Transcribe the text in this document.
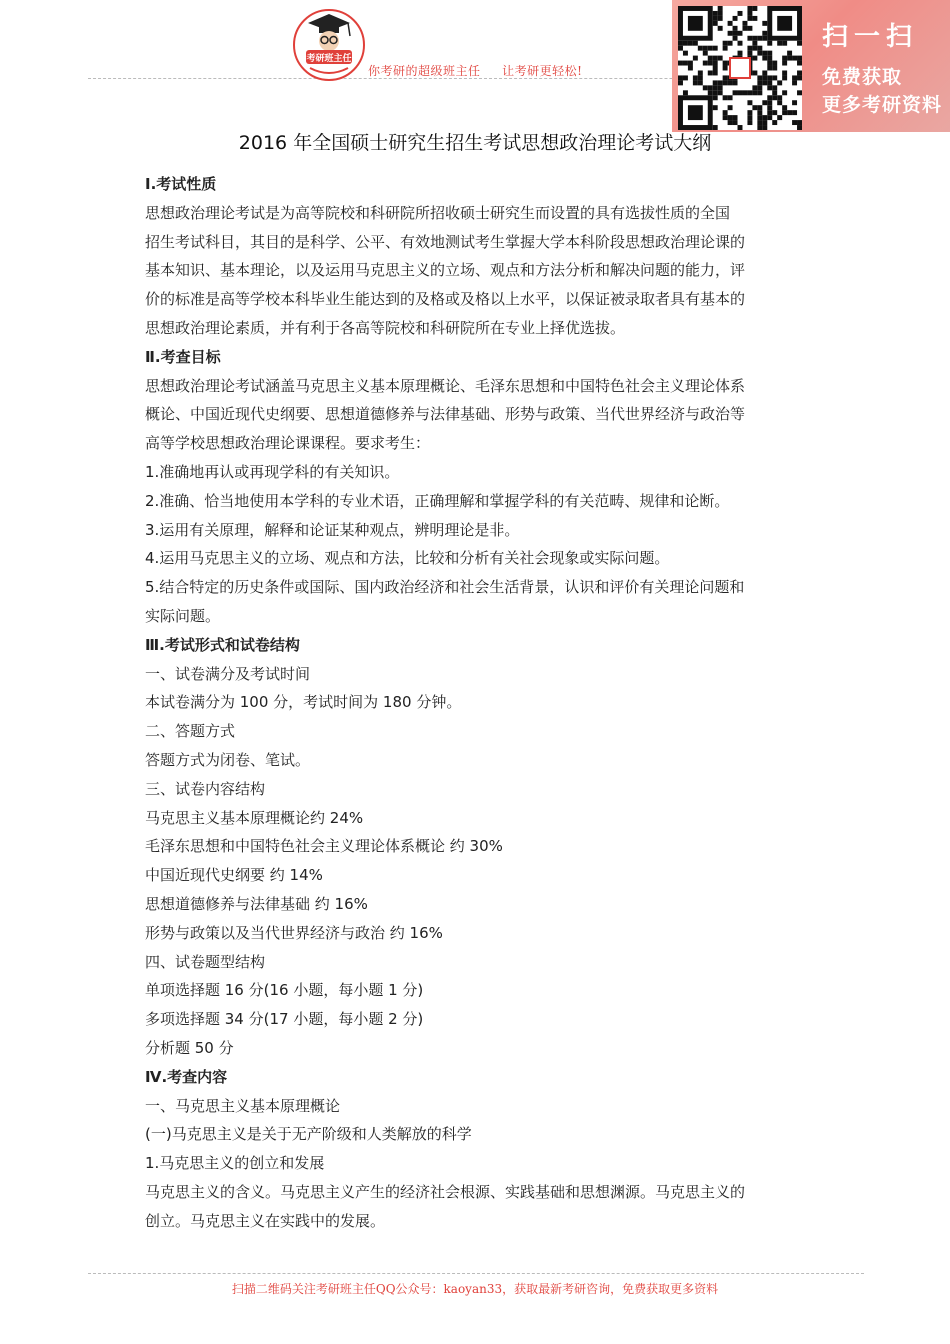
考研班主任
你考研的超级班主任 让考研更轻松!
扫一扫
免费获取
更多考研资料
2016 年全国硕士研究生招生考试思想政治理论考试大纲
Ⅰ.考试性质
思想政治理论考试是为高等院校和科研院所招收硕士研究生而设置的具有选拔性质的全国
招生考试科目，其目的是科学、公平、有效地测试考生掌握大学本科阶段思想政治理论课的
基本知识、基本理论，以及运用马克思主义的立场、观点和方法分析和解决问题的能力，评
价的标准是高等学校本科毕业生能达到的及格或及格以上水平，以保证被录取者具有基本的
思想政治理论素质，并有利于各高等院校和科研院所在专业上择优选拔。
Ⅱ.考查目标
思想政治理论考试涵盖马克思主义基本原理概论、毛泽东思想和中国特色社会主义理论体系
概论、中国近现代史纲要、思想道德修养与法律基础、形势与政策、当代世界经济与政治等
高等学校思想政治理论课课程。要求考生：
1.准确地再认或再现学科的有关知识。
2.准确、恰当地使用本学科的专业术语，正确理解和掌握学科的有关范畴、规律和论断。
3.运用有关原理，解释和论证某种观点，辨明理论是非。
4.运用马克思主义的立场、观点和方法，比较和分析有关社会现象或实际问题。
5.结合特定的历史条件或国际、国内政治经济和社会生活背景，认识和评价有关理论问题和
实际问题。
Ⅲ.考试形式和试卷结构
一、试卷满分及考试时间
本试卷满分为 100 分，考试时间为 180 分钟。
二、答题方式
答题方式为闭卷、笔试。
三、试卷内容结构
马克思主义基本原理概论约 24%
毛泽东思想和中国特色社会主义理论体系概论 约 30%
中国近现代史纲要 约 14%
思想道德修养与法律基础 约 16%
形势与政策以及当代世界经济与政治 约 16%
四、试卷题型结构
单项选择题 16 分(16 小题，每小题 1 分)
多项选择题 34 分(17 小题，每小题 2 分)
分析题 50 分
Ⅳ.考查内容
一、马克思主义基本原理概论
(一)马克思主义是关于无产阶级和人类解放的科学
1.马克思主义的创立和发展
马克思主义的含义。马克思主义产生的经济社会根源、实践基础和思想渊源。马克思主义的
创立。马克思主义在实践中的发展。
扫描二维码关注考研班主任QQ公众号：kaoyan33，获取最新考研咨询，免费获取更多资料
